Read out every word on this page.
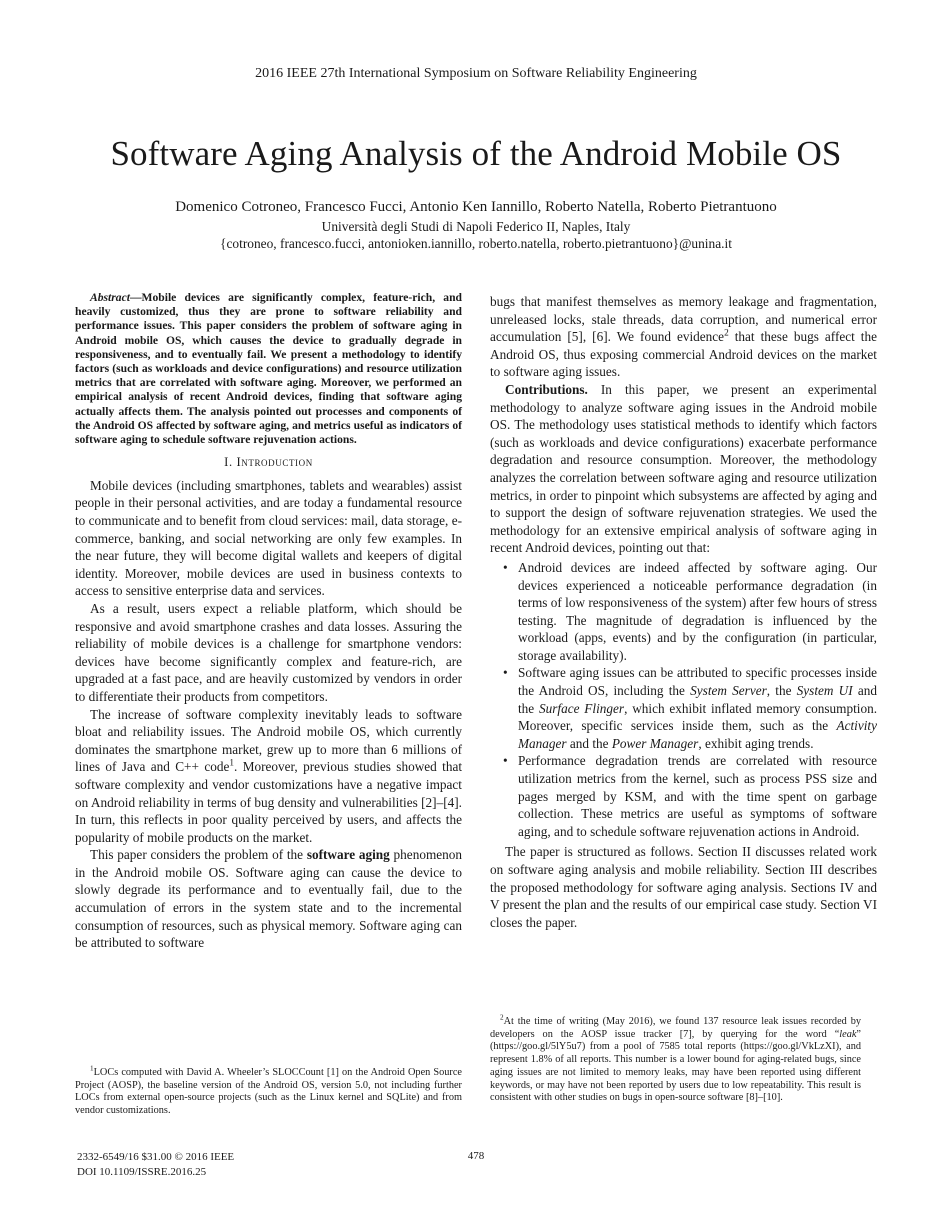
2016 IEEE 27th International Symposium on Software Reliability Engineering
Software Aging Analysis of the Android Mobile OS
Domenico Cotroneo, Francesco Fucci, Antonio Ken Iannillo, Roberto Natella, Roberto Pietrantuono
Università degli Studi di Napoli Federico II, Naples, Italy
{cotroneo, francesco.fucci, antonioken.iannillo, roberto.natella, roberto.pietrantuono}@unina.it

Abstract—Mobile devices are significantly complex, feature-rich, and heavily customized, thus they are prone to software reliability and performance issues. This paper considers the problem of software aging in Android mobile OS, which causes the device to gradually degrade in responsiveness, and to eventually fail. We present a methodology to identify factors (such as workloads and device configurations) and resource utilization metrics that are correlated with software aging. Moreover, we performed an empirical analysis of recent Android devices, finding that software aging actually affects them. The analysis pointed out processes and components of the Android OS affected by software aging, and metrics useful as indicators of software aging to schedule software rejuvenation actions.

I. Introduction

Mobile devices (including smartphones, tablets and wearables) assist people in their personal activities, and are today a fundamental resource to communicate and to benefit from cloud services: mail, data storage, e-commerce, banking, and social networking are only few examples. In the near future, they will become digital wallets and keepers of digital identity. Moreover, mobile devices are used in business contexts to access to sensitive enterprise data and services.

As a result, users expect a reliable platform, which should be responsive and avoid smartphone crashes and data losses. Assuring the reliability of mobile devices is a challenge for smartphone vendors: devices have become significantly complex and feature-rich, are upgraded at a fast pace, and are heavily customized by vendors in order to differentiate their products from competitors.

The increase of software complexity inevitably leads to software bloat and reliability issues. The Android mobile OS, which currently dominates the smartphone market, grew up to more than 6 millions of lines of Java and C++ code$^1$. Moreover, previous studies showed that software complexity and vendor customizations have a negative impact on Android reliability in terms of bug density and vulnerabilities [2]–[4]. In turn, this reflects in poor quality perceived by users, and affects the popularity of mobile products on the market.

This paper considers the problem of the software aging phenomenon in the Android mobile OS. Software aging can cause the device to slowly degrade its performance and to eventually fail, due to the accumulation of errors in the system state and to the incremental consumption of resources, such as physical memory. Software aging can be attributed to software

bugs that manifest themselves as memory leakage and fragmentation, unreleased locks, stale threads, data corruption, and numerical error accumulation [5], [6]. We found evidence$^2$ that these bugs affect the Android OS, thus exposing commercial Android devices on the market to software aging issues.

Contributions. In this paper, we present an experimental methodology to analyze software aging issues in the Android mobile OS. The methodology uses statistical methods to identify which factors (such as workloads and device configurations) exacerbate performance degradation and resource consumption. Moreover, the methodology analyzes the correlation between software aging and resource utilization metrics, in order to pinpoint which subsystems are affected by aging and to support the design of software rejuvenation strategies. We used the methodology for an extensive empirical analysis of software aging in recent Android devices, pointing out that:

• Android devices are indeed affected by software aging. Our devices experienced a noticeable performance degradation (in terms of low responsiveness of the system) after few hours of stress testing. The magnitude of degradation is influenced by the workload (apps, events) and by the configuration (in particular, storage availability).
• Software aging issues can be attributed to specific processes inside the Android OS, including the System Server, the System UI and the Surface Flinger, which exhibit inflated memory consumption. Moreover, specific services inside them, such as the Activity Manager and the Power Manager, exhibit aging trends.
• Performance degradation trends are correlated with resource utilization metrics from the kernel, such as process PSS size and pages merged by KSM, and with the time spent on garbage collection. These metrics are useful as symptoms of software aging, and to schedule software rejuvenation actions in Android.

The paper is structured as follows. Section II discusses related work on software aging analysis and mobile reliability. Section III describes the proposed methodology for software aging analysis. Sections IV and V present the plan and the results of our empirical case study. Section VI closes the paper.

$^1$LOCs computed with David A. Wheeler’s SLOCCount [1] on the Android Open Source Project (AOSP), the baseline version of the Android OS, version 5.0, not including further LOCs from external open-source projects (such as the Linux kernel and SQLite) and from vendor customizations.
$^2$At the time of writing (May 2016), we found 137 resource leak issues recorded by developers on the AOSP issue tracker [7], by querying for the word “leak” (https://goo.gl/5lY5u7) from a pool of 7585 total reports (https://goo.gl/VkLzXI), and represent 1.8% of all reports. This number is a lower bound for aging-related bugs, since aging issues are not limited to memory leaks, may have been reported using different keywords, or may have not been reported by users due to low repeatability. This result is consistent with other studies on bugs in open-source software [8]–[10].
2332-6549/16 $31.00 © 2016 IEEE
DOI 10.1109/ISSRE.2016.25
478
